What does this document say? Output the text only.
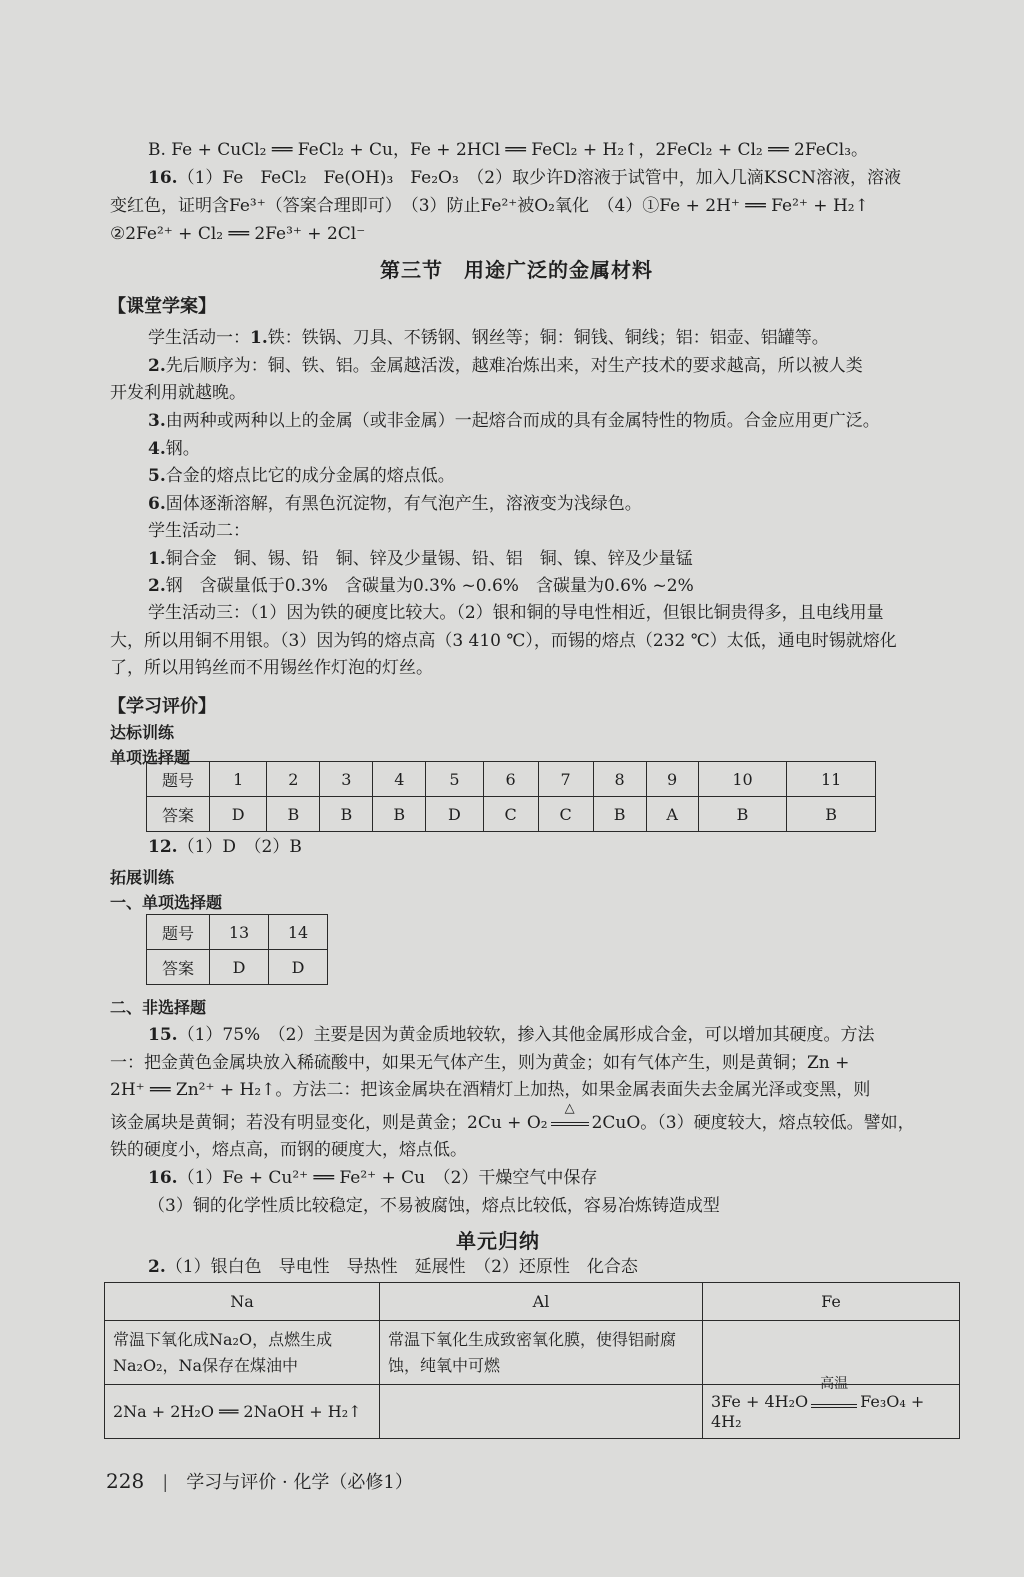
B. Fe + CuCl₂ ══ FeCl₂ + Cu，Fe + 2HCl ══ FeCl₂ + H₂↑，2FeCl₂ + Cl₂ ══ 2FeCl₃。
16.（1）Fe　FeCl₂　Fe(OH)₃　Fe₂O₃　（2）取少许D溶液于试管中，加入几滴KSCN溶液，溶液
变红色，证明含Fe³⁺（答案合理即可）　（3）防止Fe²⁺被O₂氧化　（4）①Fe + 2H⁺ ══ Fe²⁺ + H₂↑
②2Fe²⁺ + Cl₂ ══ 2Fe³⁺ + 2Cl⁻
第三节　用途广泛的金属材料
【课堂学案】
学生活动一：1.铁：铁锅、刀具、不锈钢、钢丝等；铜：铜钱、铜线；铝：铝壶、铝罐等。
2.先后顺序为：铜、铁、铝。金属越活泼，越难冶炼出来，对生产技术的要求越高，所以被人类
开发利用就越晚。
3.由两种或两种以上的金属（或非金属）一起熔合而成的具有金属特性的物质。合金应用更广泛。
4.钢。
5.合金的熔点比它的成分金属的熔点低。
6.固体逐渐溶解，有黑色沉淀物，有气泡产生，溶液变为浅绿色。
学生活动二：
1.铜合金　铜、锡、铅　铜、锌及少量锡、铅、铝　铜、镍、锌及少量锰
2.钢　含碳量低于0.3%　含碳量为0.3% ~0.6%　含碳量为0.6% ~2%
学生活动三：（1）因为铁的硬度比较大。（2）银和铜的导电性相近，但银比铜贵得多，且电线用量
大，所以用铜不用银。（3）因为钨的熔点高（3 410 ℃），而锡的熔点（232 ℃）太低，通电时锡就熔化
了，所以用钨丝而不用锡丝作灯泡的灯丝。
【学习评价】
达标训练
单项选择题
题号	1	2	3	4	5	6	7	8	9	10	11
答案	D	B	B	B	D	C	C	B	A	B	B
12.（1）D　（2）B
拓展训练
一、单项选择题
题号	13	14
答案	D	D
二、非选择题
15.（1）75%　（2）主要是因为黄金质地较软，掺入其他金属形成合金，可以增加其硬度。方法
一：把金黄色金属块放入稀硫酸中，如果无气体产生，则为黄金；如有气体产生，则是黄铜；Zn +
2H⁺ ══ Zn²⁺ + H₂↑。方法二：把该金属块在酒精灯上加热，如果金属表面失去金属光泽或变黑，则
该金属块是黄铜；若没有明显变化，则是黄金；2Cu + O₂
△
2CuO。（3）硬度较大，熔点较低。譬如，
铁的硬度小，熔点高，而钢的硬度大，熔点低。
16.（1）Fe + Cu²⁺ ══ Fe²⁺ + Cu　（2）干燥空气中保存
（3）铜的化学性质比较稳定，不易被腐蚀，熔点比较低，容易冶炼铸造成型
单元归纳
2.（1）银白色　导电性　导热性　延展性　（2）还原性　化合态
Na	Al	Fe
常温下氧化成Na₂O，点燃生成Na₂O₂，Na保存在煤油中	常温下氧化生成致密氧化膜，使得铝耐腐蚀，纯氧中可燃	
2Na + 2H₂O ══ 2NaOH + H₂↑		3Fe + 4H₂O
高温
Fe₃O₄ + 4H₂
228 | 学习与评价 · 化学（必修1）
